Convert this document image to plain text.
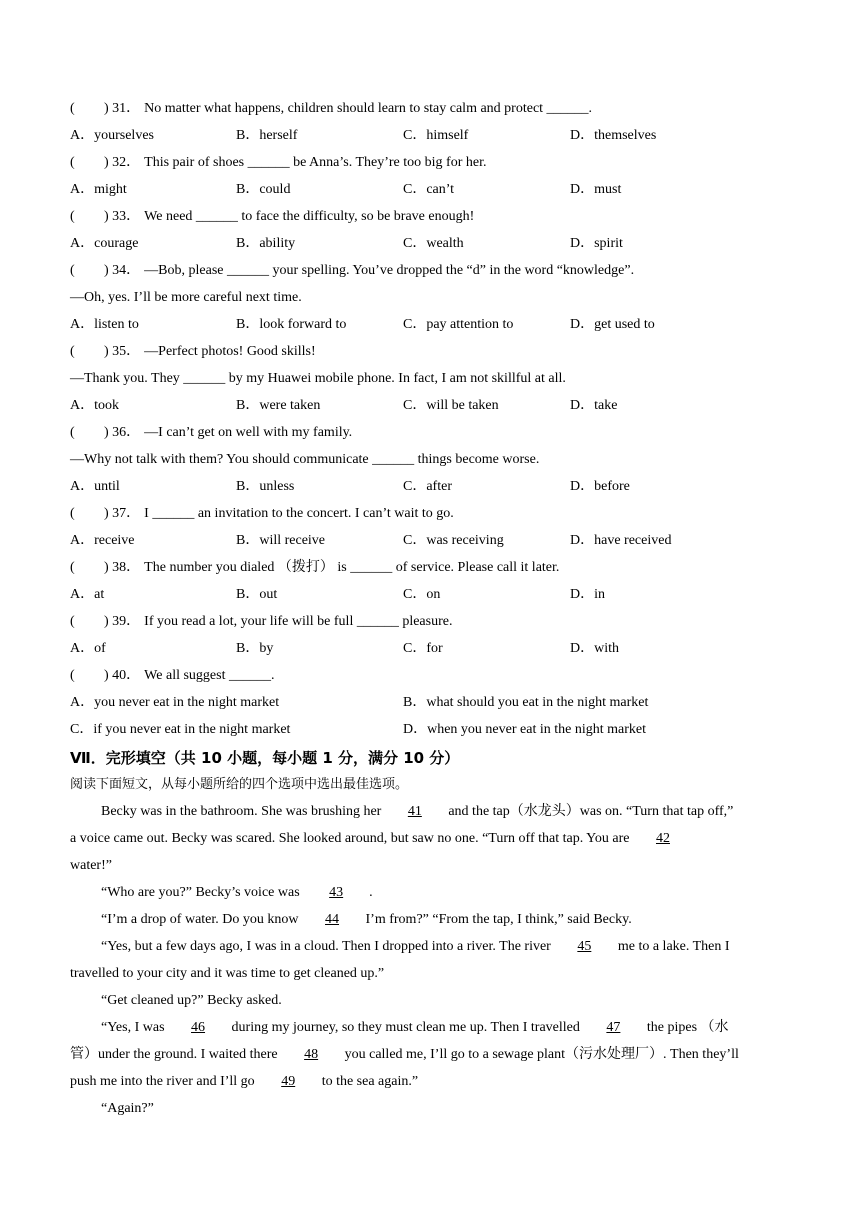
( ) 31． No matter what happens, children should learn to stay calm and protect ______.
A．yourselves	B．herself	C．himself	D．themselves
( ) 32． This pair of shoes ______ be Anna’s. They’re too big for her.
A．might	B．could	C．can’t	D．must
( ) 33． We need ______ to face the difficulty, so be brave enough!
A．courage	B．ability	C．wealth	D．spirit
( ) 34． —Bob, please ______ your spelling. You’ve dropped the “d” in the word “knowledge”.
—Oh, yes. I’ll be more careful next time.
A．listen to	B．look forward to	C．pay attention to	D．get used to
( ) 35． —Perfect photos! Good skills!
—Thank you. They ______ by my Huawei mobile phone. In fact, I am not skillful at all.
A．took	B．were taken	C．will be taken	D．take
( ) 36． —I can’t get on well with my family.
—Why not talk with them? You should communicate ______ things become worse.
A．until	B．unless	C．after	D．before
( ) 37． I ______ an invitation to the concert. I can’t wait to go.
A．receive	B．will receive	C．was receiving	D．have received
( ) 38． The number you dialed （拨打） is ______ of service. Please call it later.
A．at	B．out	C．on	D．in
( ) 39． If you read a lot, your life will be full ______ pleasure.
A．of	B．by	C．for	D．with
( ) 40． We all suggest ______.
A．you never eat in the night market	B．what should you eat in the night market
C．if you never eat in the night market	D．when you never eat in the night market
Ⅶ．完形填空（共 10 小题，每小题 1 分，满分 10 分）
阅读下面短文，从每小题所给的四个选项中选出最佳选项。
Becky was in the bathroom. She was brushing her 41 and the tap（水龙头）was on. “Turn that tap off,”
a voice came out. Becky was scared. She looked around, but saw no one. “Turn off that tap. You are 42
water!”
“Who are you?” Becky’s voice was 43 .
“I’m a drop of water. Do you know 44 I’m from?” “From the tap, I think,” said Becky.
“Yes, but a few days ago, I was in a cloud. Then I dropped into a river. The river 45 me to a lake. Then I
travelled to your city and it was time to get cleaned up.”
“Get cleaned up?” Becky asked.
“Yes, I was 46 during my journey, so they must clean me up. Then I travelled 47 the pipes （水
管）under the ground. I waited there 48 you called me, I’ll go to a sewage plant（污水处理厂）. Then they’ll
push me into the river and I’ll go 49 to the sea again.”
“Again?”
